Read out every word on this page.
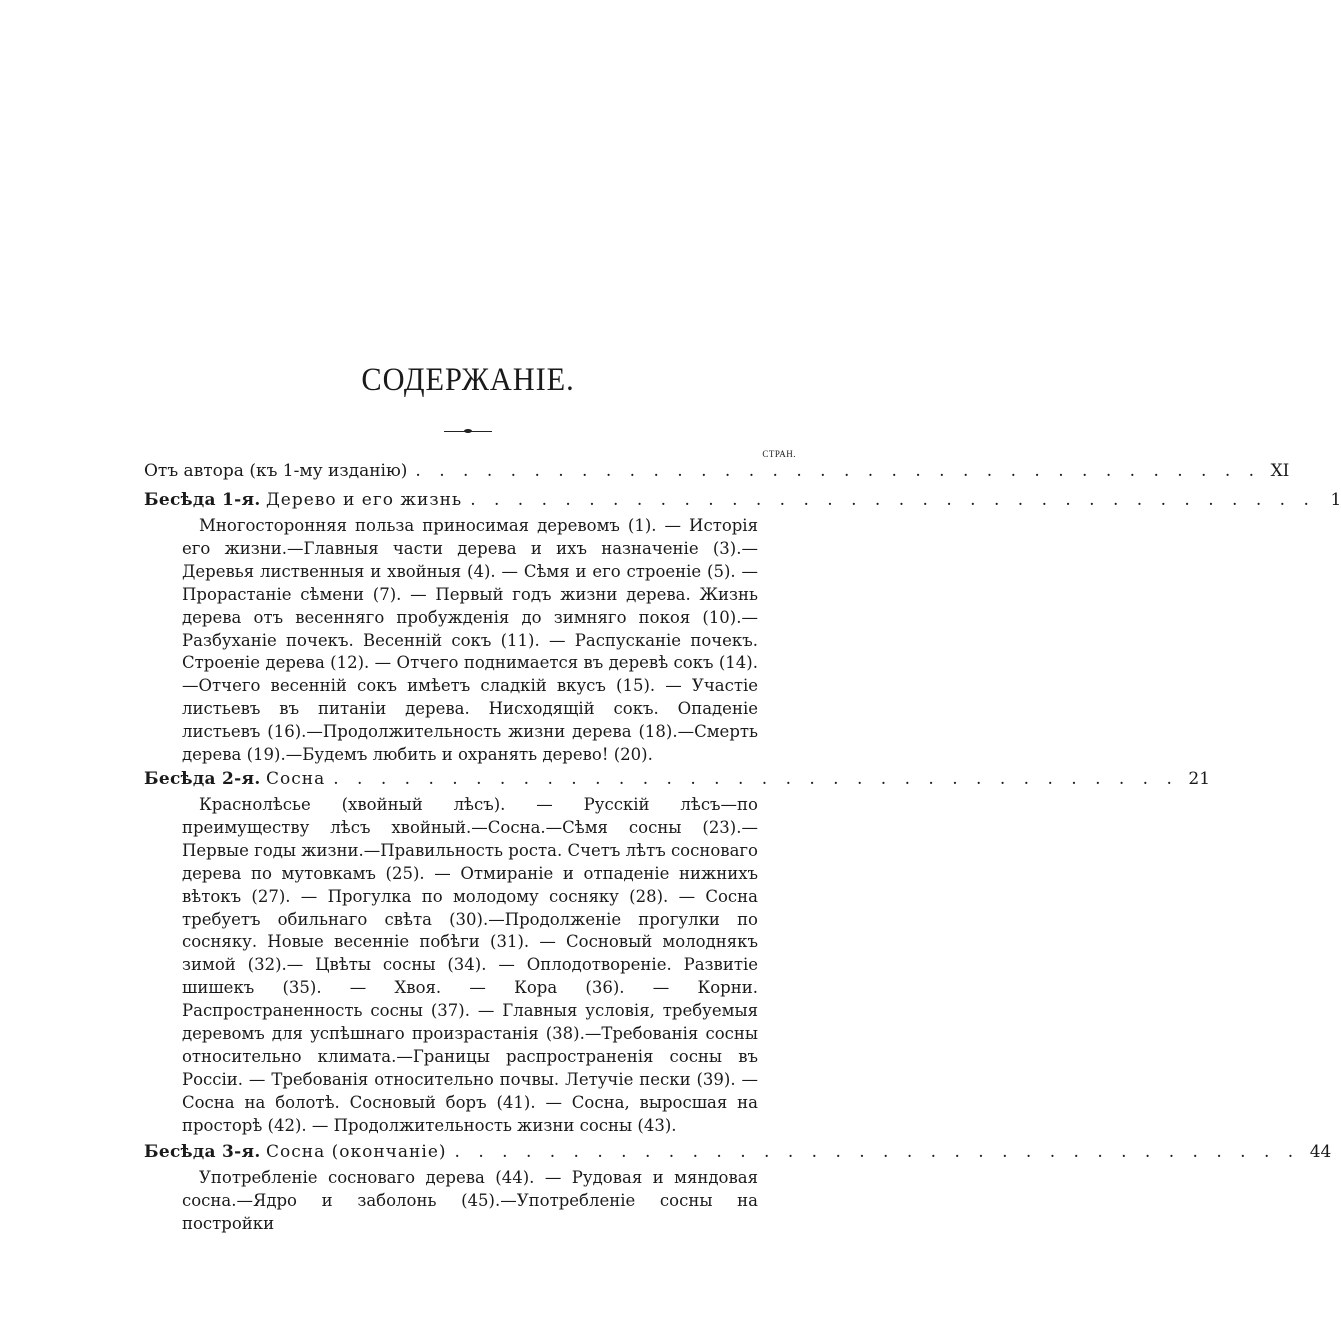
СОДЕРЖАНІЕ.
СТРАН.
Отъ автора (къ 1-му изданію) . . . . . . . . . . . . . . . . . . . . . . . . . . . . . . . . . . . . XI
Бесѣда 1-я. Дерево и его жизнь . . . . . . . . . . . . . . . . . . . . . . . . . . . . . . . . . . . . 1

Многосторонняя польза приносимая деревомъ (1). — Исторія его жизни.—Главныя части дерева и ихъ назначеніе (3).—Деревья лиственныя и хвойныя (4). — Сѣмя и его строеніе (5). — Прорастаніе сѣмени (7). — Первый годъ жизни дерева. Жизнь дерева отъ весенняго пробужденія до зимняго покоя (10).— Разбуханіе почекъ. Весенній сокъ (11). — Распусканіе почекъ. Строеніе дерева (12). — Отчего поднимается въ деревѣ сокъ (14).—Отчего весенній сокъ имѣетъ сладкій вкусъ (15). — Участіе листьевъ въ питаніи дерева. Нисходящій сокъ. Опаденіе листьевъ (16).—Продолжительность жизни дерева (18).—Смерть дерева (19).—Будемъ любить и охранять дерево! (20).

Бесѣда 2-я. Сосна . . . . . . . . . . . . . . . . . . . . . . . . . . . . . . . . . . . . 21

Краснолѣсье (хвойный лѣсъ). — Русскій лѣсъ—по преимуществу лѣсъ хвойный.—Сосна.—Сѣмя сосны (23).—Первые годы жизни.—Правильность роста. Счетъ лѣтъ сосноваго дерева по мутовкамъ (25). — Отмираніе и отпаденіе нижнихъ вѣтокъ (27). — Прогулка по молодому сосняку (28). — Сосна требуетъ обильнаго свѣта (30).—Продолженіе прогулки по сосняку. Новые весенніе побѣги (31). — Сосновый молоднякъ зимой (32).— Цвѣты сосны (34). — Оплодотвореніе. Развитіе шишекъ (35). — Хвоя. — Кора (36). — Корни. Распространенность сосны (37). — Главныя условія, требуемыя деревомъ для успѣшнаго произрастанія (38).—Требованія сосны относительно климата.—Границы распространенія сосны въ Россіи. — Требованія относительно почвы. Летучіе пески (39). — Сосна на болотѣ. Сосновый боръ (41). — Сосна, выросшая на просторѣ (42). — Продолжительность жизни сосны (43).

Бесѣда 3-я. Сосна (окончаніе) . . . . . . . . . . . . . . . . . . . . . . . . . . . . . . . . . . . . 44

Употребленіе сосноваго дерева (44). — Рудовая и мяндовая сосна.—Ядро и заболонь (45).—Употребленіе сосны на постройки
